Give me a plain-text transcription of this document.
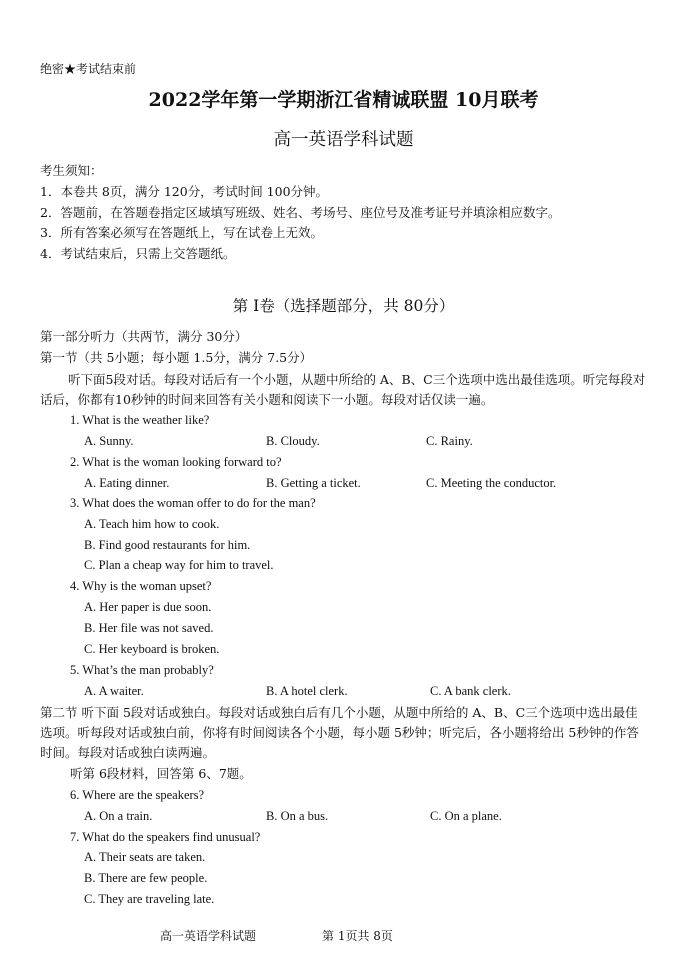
绝密★考试结束前
2022学年第一学期浙江省精诚联盟 10月联考
高一英语学科试题
考生须知：
1．本卷共 8页，满分 120分，考试时间 100分钟。
2．答题前，在答题卷指定区域填写班级、姓名、考场号、座位号及准考证号并填涂相应数字。
3．所有答案必须写在答题纸上，写在试卷上无效。
4．考试结束后，只需上交答题纸。
第 I卷（选择题部分，共 80分）
第一部分听力（共两节，满分 30分）
第一节（共 5小题；每小题 1.5分，满分 7.5分）
听下面5段对话。每段对话后有一个小题，从题中所给的 A、B、C三个选项中选出最佳选项。听完每段对话后，你都有10秒钟的时间来回答有关小题和阅读下一小题。每段对话仅读一遍。
1. What is the weather like?
A. Sunny.	B. Cloudy.	C. Rainy.
2. What is the woman looking forward to?
A. Eating dinner.	B. Getting a ticket.	C. Meeting the conductor.
3. What does the woman offer to do for the man?
A. Teach him how to cook.
B. Find good restaurants for him.
C. Plan a cheap way for him to travel.
4. Why is the woman upset?
A. Her paper is due soon.
B. Her file was not saved.
C. Her keyboard is broken.
5. What’s the man probably?
A. A waiter.	B. A hotel clerk.	C. A bank clerk.
第二节 听下面 5段对话或独白。每段对话或独白后有几个小题，从题中所给的 A、B、C三个选项中选出最佳选项。听每段对话或独白前，你将有时间阅读各个小题，每小题 5秒钟；听完后，各小题将给出 5秒钟的作答时间。每段对话或独白读两遍。
听第 6段材料，回答第 6、7题。
6. Where are the speakers?
A. On a train.	B. On a bus.	C. On a plane.
7. What do the speakers find unusual?
A. Their seats are taken.
B. There are few people.
C. They are traveling late.
高一英语学科试题	第 1页共 8页
